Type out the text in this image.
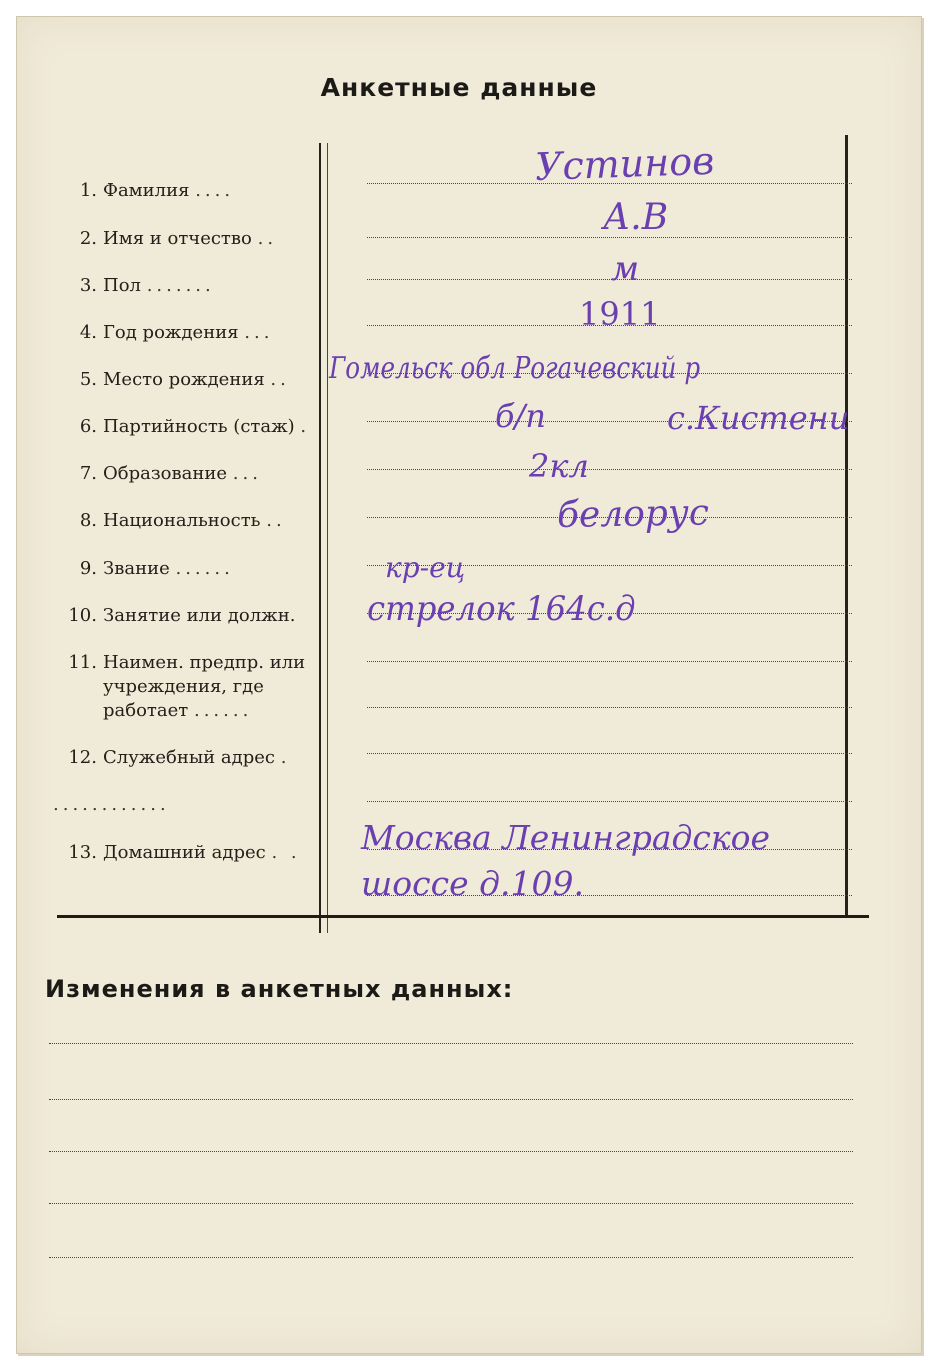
Анкетные данные
1. Фамилия ....
2. Имя и отчество ..
3. Пол .......
4. Год рождения ...
5. Место рождения ..
6. Партийность (стаж) .
7. Образование ...
8. Национальность ..
9. Звание ......
10. Занятие или должн.
11. Наимен. предпр. или учреждения, где работает ......
12. Служебный адрес .
............
13. Домашний адрес . .
Устинов
А.В
м
1911
Гомельск обл Рогачевский р
б/п	с.Кистени
2кл
белорус
кр-ец
стрелок 164с.д
Москва Ленинградское шоссе д.109.
Изменения в анкетных данных:
